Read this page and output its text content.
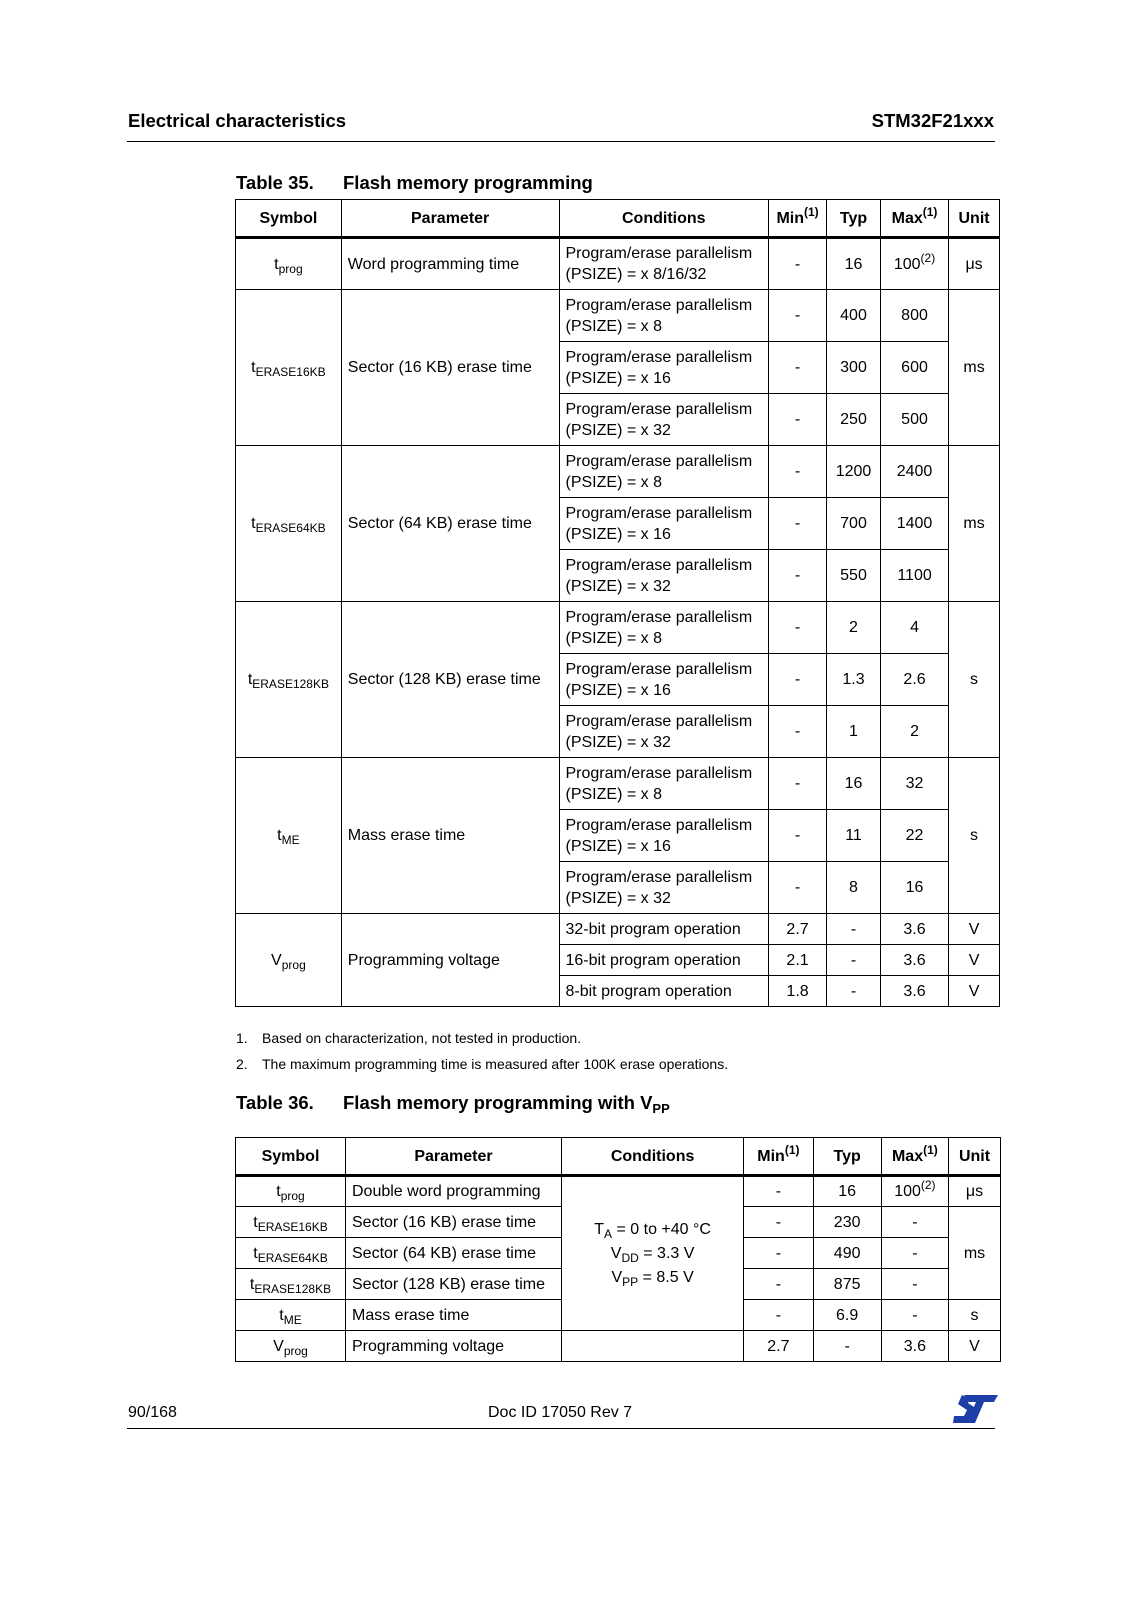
Electrical characteristics	STM32F21xxx
Table 35. Flash memory programming
Symbol	Parameter	Conditions	Min$^{(1)}$	Typ	Max$^{(1)}$	Unit
$t_{prog}$	Word programming time	Program/erase parallelism
(PSIZE) = x 8/16/32	-	16	100$^{(2)}$	μs
$t_{ERASE16KB}$	Sector (16 KB) erase time	Program/erase parallelism
(PSIZE) = x 8	-	400	800	ms

		Program/erase parallelism
(PSIZE) = x 16	-	300	600	

		Program/erase parallelism
(PSIZE) = x 32	-	250	500	
$t_{ERASE64KB}$	Sector (64 KB) erase time	Program/erase parallelism
(PSIZE) = x 8	-	1200	2400	ms

		Program/erase parallelism
(PSIZE) = x 16	-	700	1400	

		Program/erase parallelism
(PSIZE) = x 32	-	550	1100	
$t_{ERASE128KB}$	Sector (128 KB) erase time	Program/erase parallelism
(PSIZE) = x 8	-	2	4	s

		Program/erase parallelism
(PSIZE) = x 16	-	1.3	2.6	

		Program/erase parallelism
(PSIZE) = x 32	-	1	2	
$t_{ME}$	Mass erase time	Program/erase parallelism
(PSIZE) = x 8	-	16	32	s

		Program/erase parallelism
(PSIZE) = x 16	-	11	22	

		Program/erase parallelism
(PSIZE) = x 32	-	8	16	
$V_{prog}$	Programming voltage	32-bit program operation	2.7	-	3.6	V
		16-bit program operation	2.1	-	3.6	V
		8-bit program operation	1.8	-	3.6	V
1. Based on characterization, not tested in production.
2. The maximum programming time is measured after 100K erase operations.
Table 36. Flash memory programming with $V_{PP}$
Symbol	Parameter	Conditions	Min$^{(1)}$	Typ	Max$^{(1)}$	Unit
$t_{prog}$	Double word programming	$T_A = 0$ to +40 °C
$V_{DD} = 3.3$ V
$V_{PP} = 8.5$ V	-	16	100$^{(2)}$	μs
$t_{ERASE16KB}$	Sector (16 KB) erase time		-	230	-	ms
$t_{ERASE64KB}$	Sector (64 KB) erase time		-	490	-	
$t_{ERASE128KB}$	Sector (128 KB) erase time		-	875	-	
$t_{ME}$	Mass erase time		-	6.9	-	s
$V_{prog}$	Programming voltage		2.7	-	3.6	V
90/168	Doc ID 17050 Rev 7
